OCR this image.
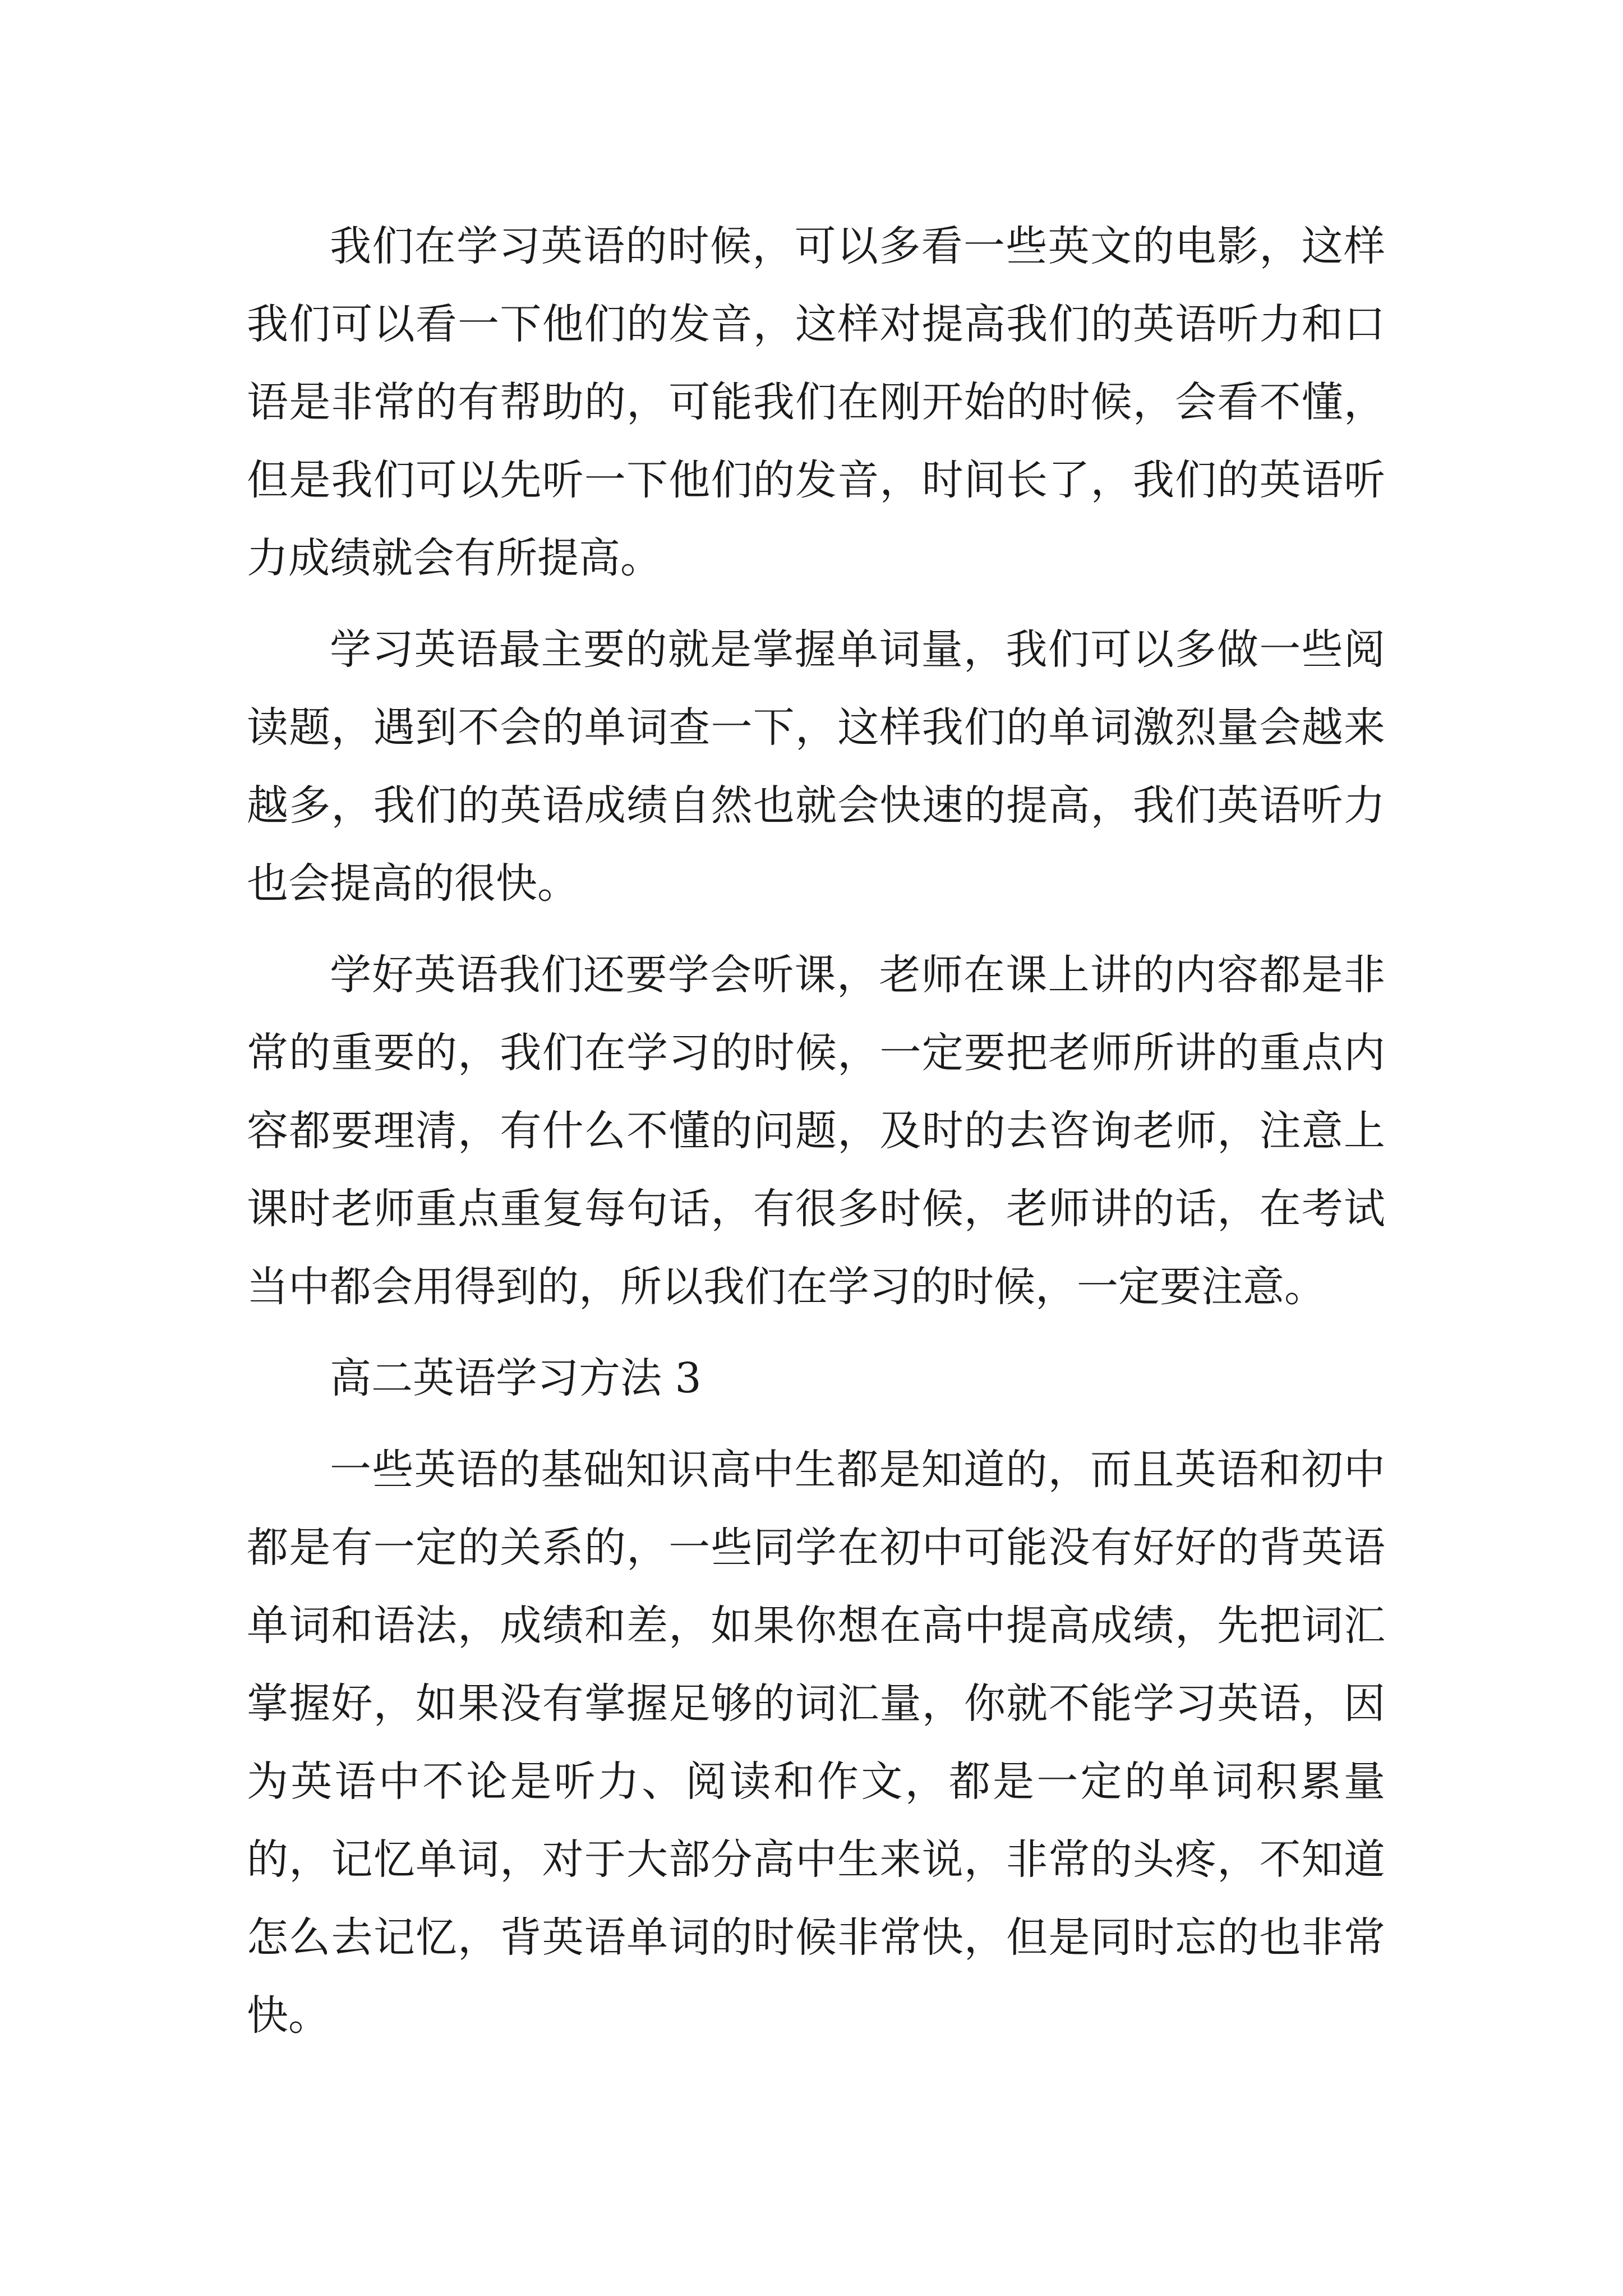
我们在学习英语的时候，可以多看一些英文的电影，这样我们可以看一下他们的发音，这样对提高我们的英语听力和口语是非常的有帮助的，可能我们在刚开始的时候，会看不懂，但是我们可以先听一下他们的发音，时间长了，我们的英语听力成绩就会有所提高。

学习英语最主要的就是掌握单词量，我们可以多做一些阅读题，遇到不会的单词查一下，这样我们的单词激烈量会越来越多，我们的英语成绩自然也就会快速的提高，我们英语听力也会提高的很快。

学好英语我们还要学会听课，老师在课上讲的内容都是非常的重要的，我们在学习的时候，一定要把老师所讲的重点内容都要理清，有什么不懂的问题，及时的去咨询老师，注意上课时老师重点重复每句话，有很多时候，老师讲的话，在考试当中都会用得到的，所以我们在学习的时候，一定要注意。

高二英语学习方法 3

一些英语的基础知识高中生都是知道的，而且英语和初中都是有一定的关系的，一些同学在初中可能没有好好的背英语单词和语法，成绩和差，如果你想在高中提高成绩，先把词汇掌握好，如果没有掌握足够的词汇量，你就不能学习英语，因为英语中不论是听力、阅读和作文，都是一定的单词积累量的，记忆单词，对于大部分高中生来说，非常的头疼，不知道怎么去记忆，背英语单词的时候非常快，但是同时忘的也非常快。
